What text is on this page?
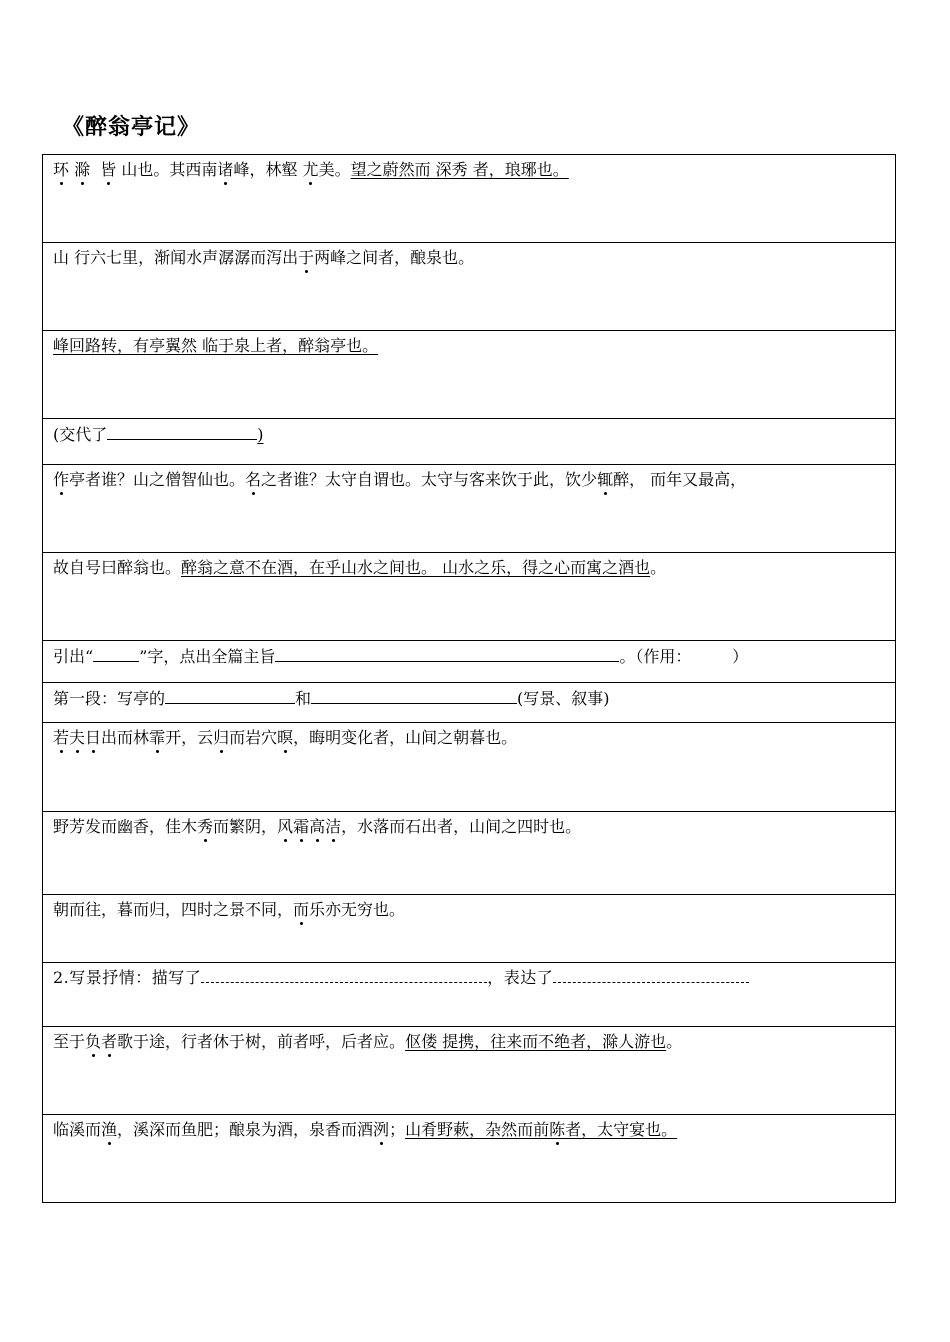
《醉翁亭记》
环 滁 皆 山也。其西南诸峰，林壑 尤美。望之蔚然而 深秀 者，琅琊也。
山 行六七里，渐闻水声潺潺而泻出于两峰之间者，酿泉也。
峰回路转，有亭翼然 临于泉上者，醉翁亭也。
(交代了	)
作亭者谁？山之僧智仙也。名之者谁？太守自谓也。太守与客来饮于此，饮少辄醉， 而年又最高，
故自号曰醉翁也。醉翁之意不在酒，在乎山水之间也。 山水之乐，得之心而寓之酒也。
引出“	”字，点出全篇主旨	。（作用：	）
第一段：写亭的	和	(写景、叙事)
若夫日出而林霏开，云归而岩穴暝，晦明变化者，山间之朝暮也。
野芳发而幽香，佳木秀而繁阴，风霜高洁，水落而石出者，山间之四时也。
朝而往，暮而归，四时之景不同，而乐亦无穷也。
2.写景抒情：描写了	，表达了
至于负者歌于途，行者休于树，前者呼，后者应。伛偻 提携，往来而不绝者，滁人游也。
临溪而渔，溪深而鱼肥；酿泉为酒，泉香而酒洌；山肴野蔌，杂然而前陈者，太守宴也。
